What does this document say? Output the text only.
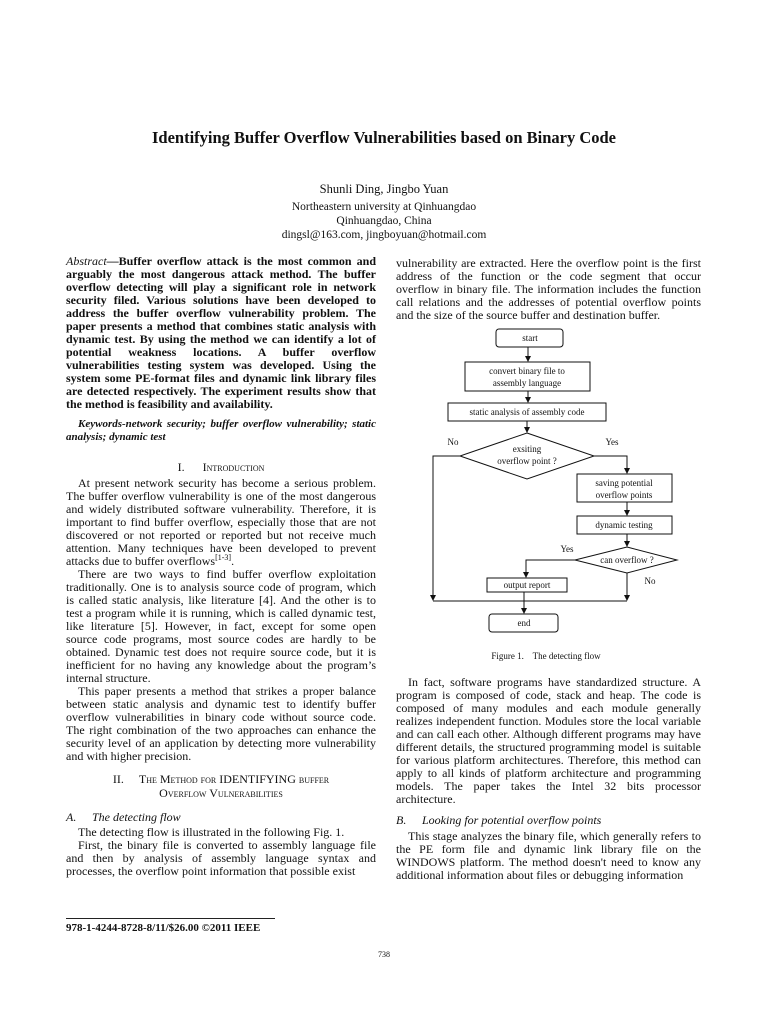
Identifying Buffer Overflow Vulnerabilities based on Binary Code
Shunli Ding, Jingbo Yuan
Northeastern university at Qinhuangdao
Qinhuangdao, China
dingsl@163.com, jingboyuan@hotmail.com
Abstract—Buffer overflow attack is the most common and arguably the most dangerous attack method. The buffer overflow detecting will play a significant role in network security filed. Various solutions have been developed to address the buffer overflow vulnerability problem. The paper presents a method that combines static analysis with dynamic test. By using the method we can identify a lot of potential weakness locations. A buffer overflow vulnerabilities testing system was developed. Using the system some PE-format files and dynamic link library files are detected respectively. The experiment results show that the method is feasibility and availability.
Keywords-network security; buffer overflow vulnerability; static analysis; dynamic test
I. Introduction

At present network security has become a serious problem. The buffer overflow vulnerability is one of the most dangerous and widely distributed software vulnerability. Therefore, it is important to find buffer overflow, especially those that are not discovered or not reported or reported but not receive much attention. Many techniques have been developed to prevent attacks due to buffer overflows[1-3].

There are two ways to find buffer overflow exploitation traditionally. One is to analysis source code of program, which is called static analysis, like literature [4]. And the other is to test a program while it is running, which is called dynamic test, like literature [5]. However, in fact, except for some open source code programs, most source codes are hardly to be obtained. Dynamic test does not require source code, but it is inefficient for no having any knowledge about the program’s internal structure.

This paper presents a method that strikes a proper balance between static analysis and dynamic test to identify buffer overflow vulnerabilities in binary code without source code. The right combination of the two approaches can enhance the security level of an application by detecting more vulnerability and with higher precision.

II. The Method for IDENTIFYING buffer
Overflow Vulnerabilities
A. The detecting flow

The detecting flow is illustrated in the following Fig. 1.

First, the binary file is converted to assembly language file and then by analysis of assembly language syntax and processes, the overflow point information that possible exist

978-1-4244-8728-8/11/$26.00 ©2011 IEEE

vulnerability are extracted. Here the overflow point is the first address of the function or the code segment that occur overflow in binary file. The information includes the function call relations and the addresses of potential overflow points and the size of the source buffer and destination buffer.

start
convert binary file to
assembly language
static analysis of assembly code
exsiting
overflow point ?
No	Yes
saving potential
overflow points
dynamic testing
can overflow ?
Yes
No
output report
end
Figure 1.    The detecting flow

In fact, software programs have standardized structure. A program is composed of code, stack and heap. The code is composed of many modules and each module generally realizes independent function. Modules store the local variable and can call each other. Although different programs may have different details, the structured programming model is suitable for various platform architectures. Therefore, this method can apply to all kinds of platform architecture and programming models. The paper takes the Intel 32 bits processor architecture.

B. Looking for potential overflow points

This stage analyzes the binary file, which generally refers to the PE form file and dynamic link library file on the WINDOWS platform. The method doesn't need to know any additional information about files or debugging information

738
